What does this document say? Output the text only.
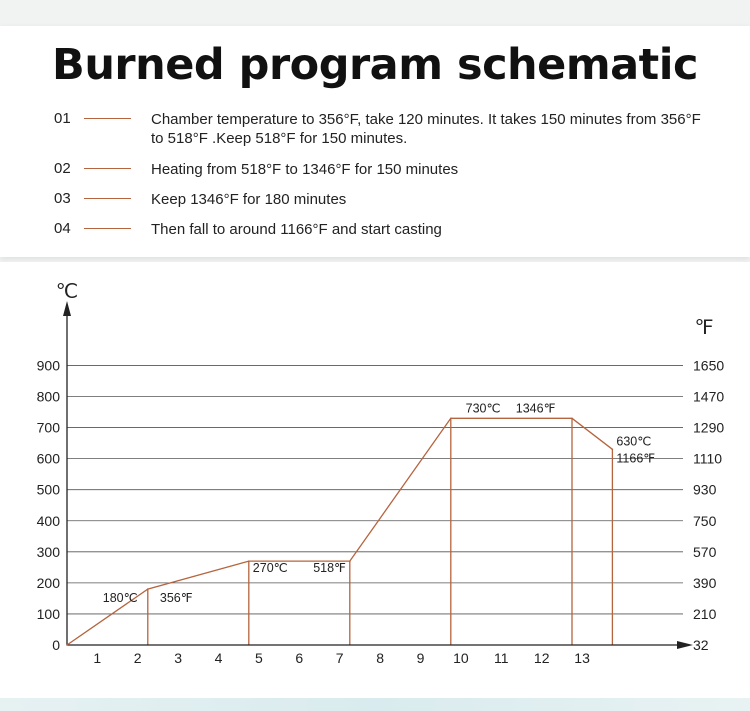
Burned program schematic
01	Chamber temperature to 356°F, take 120 minutes. It takes 150 minutes from 356°F to 518°F .Keep 518°F for 150 minutes.
02	Heating from 518°F to 1346°F for 150 minutes
03	Keep 1346°F for 180 minutes
04	Then fall to around 1166°F and start casting
0	32
100	210
200	390
300	570
400	750
500	930
600	1110
700	1290
800	1470
900	1650
1 2 3 4 5 6 7 8 9 10 11 12 13
℃
℉
180℃ 356℉
270℃ 518℉
730℃ 1346℉
630℃
1166℉
